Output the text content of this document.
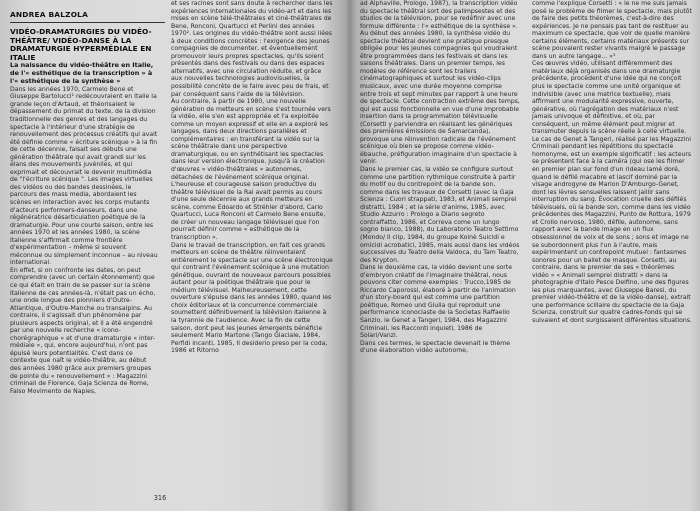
ANDREA BALZOLA

VIDÉO-DRAMATURGIES DU VIDÉO-THÉÂTRE/ VIDÉO-DANSE À LA DRAMATURGIE HYPERMÉDIALE EN ITALIE

La naissance du vidéo-théâtre en Italie, de l'« esthétique de la transcription » à l'« esthétique de la synthèse »

Dans les années 1970, Carmelo Bene et Giuseppe Bartolucci¹ redécouvraient en Italie la grande leçon d'Artaud, et théorisaient le dépassement du primat du texte, de la division traditionnelle des genres et des langages du spectacle à l'intérieur d'une stratégie de renouvellement des processus créatifs qui avait été définie comme « écriture scénique » à la fin de cette décennie, faisait ses débuts une génération théâtrale qui avait grandi sur les élans des mouvements juvéniles, et qui exprimait et découvrait le devenir multimédia de "l'écriture scénique ". Les images virtuelles des vidéos ou des bandes dessinées, le parcours des mass media, abordaient les scènes en interaction avec les corps mutants d'acteurs performers-danseurs, dans une régénératrice désarticulation poétique de la dramaturgie. Pour une courte saison, entre les années 1970 et les années 1980, la scène italienne s'affirmait comme frontière d'expérimentation – même si souvent méconnue ou simplement inconnue – au niveau international.

En effet, si on confronte les dates, on peut comprendre (avec un certain étonnement) que ce qui était en train de se passer sur la scène italienne de ces années-là, n'était pas un écho, une onde longue des pionniers d'Outre-Atlantique, d'Outre-Manche ou transalpins. Au contraire, il s'agissait d'un phénomène par plusieurs aspects original, et il a été engendré par une nouvelle recherche « icono-chorégraphique » et d'une dramaturgie « inter-médiale », qui, encore aujourd'hui, n'ont pas épuisé leurs potentialités. C'est dans ce contexte que naît le vidéo-théâtre, au début des années 1980 grâce aux premiers groupes de pointe du « renouvellement » : Magazzini criminali de Florence, Gaja Scienza de Rome, Falso Movimento de Naples,

et ses racines sont sans doute à rechercher dans les expériences internationales du vidéo-art et dans les mises en scène télé-théâtrales et ciné-théâtrales de Bene, Ronconi, Quartucci et Perlini des années 1970². Les origines du vidéo-théâtre sont aussi liées à deux conditions concrètes : l'exigence des jeunes compagnies de documenter, et éventuellement promouvoir leurs propres spectacles, qu'ils soient présentés dans des festivals ou dans des espaces alternatifs, avec une circulation réduite, et grâce aux nouvelles technologies audiovisuelles, la possibilité concrète de le faire avec peu de frais, et par conséquent sans l'aide de la télévision.

Au contraire, à partir de 1980, une nouvelle génération de metteurs en scène s'est tournée vers la vidéo, elle s'en est appropriée et l'a exploitée comme un moyen expressif et elle en a exploré les langages, dans deux directions parallèles et complémentaires : en transférant la vidéo sur la scène théâtrale dans une perspective dramaturgique, ou en synthétisant les spectacles dans leur version électronique, jusqu'à la création d'œuvres « vidéo-théâtrales » autonomes, détachées de l'événement scénique original. L'heureuse et courageuse saison productive du théâtre télévisuel de la Rai avait permis au cours d'une seule décennie aux grands metteurs en scène, comme Edoardo et Stréhler d'abord, Carlo Quartucci, Luca Ronconi et Carmelo Bene ensuite, de créer un nouveau langage télévisuel que l'on pourrait définir comme « esthétique de la transcription ».

Dans le travail de transcription, en fait ces grands metteurs en scène de théâtre réinventaient entièrement le spectacle sur une scène électronique qui contraint l'événement scénique à une mutation génétique, ouvrant de nouveaux parcours possibles autant pour la poétique théâtrale que pour le médium télévisuel. Malheureusement, cette ouverture s'épuise dans les années 1980, quand les choix éditoriaux et la concurrence commerciale soumettent définitivement la télévision italienne à la tyrannie de l'audience. Avec la fin de cette saison, dont peut les jeunes émergents bénéficie seulement Mario Martone (Tango Glaciale, 1984, Perfidi incanti, 1985, Il desiderio preso per la coda, 1986 et Ritorno

316

ad Alphaville, Prologo, 1987), la transcription vidéo du spectacle théâtral sort des palimpsestes et des studios de la télévision, pour se redéfinir avec une formule différente : l'« esthétique de la synthèse ».

Au début des années 1980, la synthèse vidéo du spectacle théâtral devient une pratique presque obligée pour les jeunes compagnies qui voudraient être programmées dans les festivals et dans les saisons théâtrales. Dans un premier temps, les modèles de référence sont les trailers cinématographiques et surtout les vidéo-clips musicaux, avec une durée moyenne comprise entre trois et sept minutes par rapport à une heure de spectacle. Cette contraction extrême des temps, qui est aussi fonctionnelle en vue d'une improbable insertion dans la programmation télévisuelle (Corsetti y parviendra en réalisant les génériques des premières émissions de Samarcanda), provoque une réinvention radicale de l'événement scénique où bien se propose comme vidéo-ébauche, préfiguration imaginaire d'un spectacle à venir.

Dans le premier cas, la vidéo se configure surtout comme une partition rythmique construite à partir du motif ou du contrepoint de la bande son, comme dans les travaux de Corsetti (avec la Gaja Scienza : Cuori strappati, 1983, et Animali semprei distratti, 1984 ; et la série d'anime, 1985, avec Studio Azzurro : Prologo a Diario segreto contraffatto, 1986, et Correva come un lungo sogno bianco, 1988), du Laboratorio Teatro Settimo (Mondo/ Il clip, 1984, du groupe Koinè Suicidi e omicidi acrobatici, 1985, mais aussi dans les vidéos successives du Teatro della Valdoca, du Tam Teatro, des Krypton.

Dans le deuxième cas, la vidéo devient une sorte d'embryon créatif de l'imaginaire théâtral, nous pouvons citer comme exemples : Trucco,1985 de Riccardo Caporossi, élaboré à partir de l'animation d'un story-board qui est comme une partition poétique, Romeo und Giulia qui reproduit une performance iconoclaste de la Societas Raffaello Sanzio, le Genet a Tangeri, 1984, des Magazzini Criminali, les Racconti inquieti, 1986 de Solari/Vanzi.

Dans ces termes, le spectacle devenait le thème d'une élaboration vidéo autonome,

comme l'explique Corsetti : « le ne me suis jamais posé le problème de filmer le spectacle, mais plutôt de faire des petits théorèmes, c'est-à-dire des expériences. Je ne pensais pas tant de restituer au maximum ce spectacle, que voir de quelle manière certains éléments, certains matériaux présents sur scène pouvaient rester vivants malgré le passage dans un autre langage... »³

Ces œuvres vidéo, utilisant différemment des matériaux déjà organisés dans une dramaturgie précédente, procèdent d'une idée qui ne conçoit plus le spectacle comme une unité organique et indivisible (avec une matrice textuelle), mais affirment une modularité expressive, ouverte, générative, où l'agrégation des matériaux n'est jamais univoque et définitive, et où, par conséquent, un même élément peut migrer et transmuter depuis la scène réelle à celle virtuelle.

Le cas de Genet à Tangeri, réalisé par les Magazzini Criminali pendant les répétitions du spectacle homonyme, est un exemple significatif : les acteurs se présentent face à la caméra (qui ose les filmer en premier plan sur fond d'un rideau lamé doré, quand le défilé macabre et lascif dominé par la visage androgyne de Marion D'Amburgo-Genet, dont les lèvres sensuelles laissent jaillir sans interruption du sang. Évocation cruelle des défilés télévisuels, où la bande son, comme dans les vidéo précédentes des Magazzini, Punto de Rottura, 1979 et Crollo nervoso, 1980, défile, autonome, sans rapport avec la bande image en un flux obsessionnel de voix et de sons ; sons et image ne se subordonnent plus l'un à l'autre, mais expérimentent un contrepoint mutuel : fantasmes sonores pour un ballet de masque. Corsetti, au contraire, dans le premier de ses « théorèmes vidéo » « Animali semprei distratti » dans la photographie d'Italo Pesce Delfino, une des figures les plus marquantes, avec Giuseppe Baresi, du premier vidéo-théâtre et de la vidéo-danse), extrait une performance scillaire du spectacle de la Gaja Scienza, construit sur quatre cadres-fonds qui se suivaient et dont surgissaient différentes situations.
